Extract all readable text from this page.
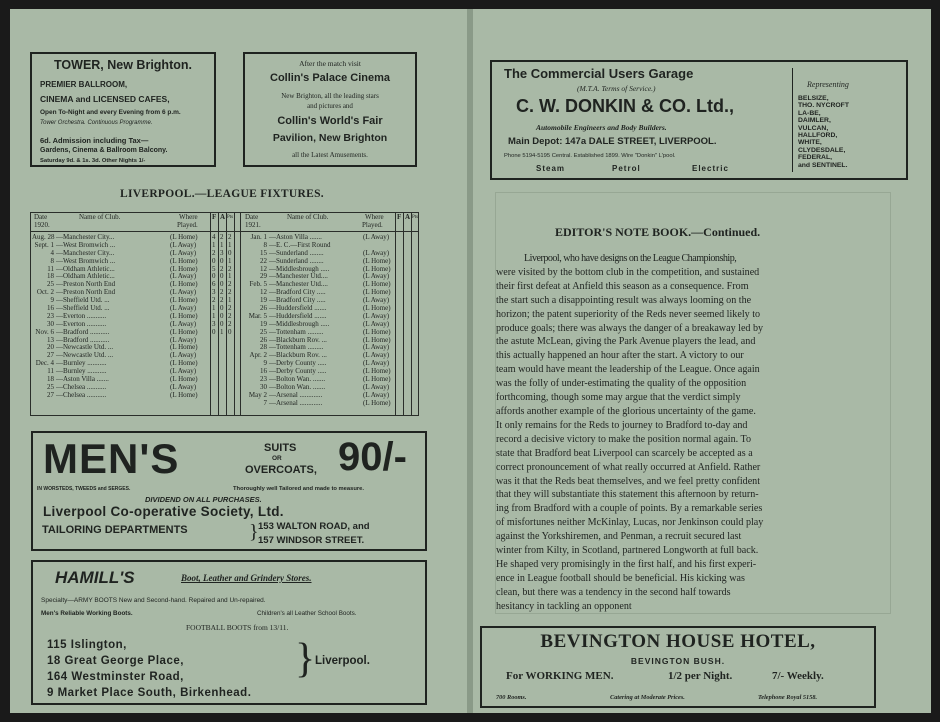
TOWER, New Brighton.
PREMIER BALLROOM,
CINEMA and LICENSED CAFES,
Open To-Night and every Evening from 6 p.m.
Tower Orchestra. Continuous Programme.
6d. Admission including Tax—
Gardens, Cinema & Ballroom Balcony.
Saturday 9d. & 1s. 3d. Other Nights 1/-
After the match visit
Collin's Palace Cinema
New Brighton, all the leading stars
and pictures and
Collin's World's Fair
Pavilion, New Brighton
all the Latest Amusements.
LIVERPOOL.—LEAGUE FIXTURES.
Date	Name of Club.	Where F A Pts
1920.	Played.
Date	Name of Club.	Where F A Pts
1921.	Played.
Aug. 28 —Manchester City...	(L Home) 4 2 2
Sept. 1 —West Bromwich ...	(L Away) 1 1 1
4 —Manchester City...	(L Away) 2 3 0
8 —West Bromwich ...	(L Home) 0 0 1
11 —Oldham Athletic...	(L Home) 5 2 2
18 —Oldham Athletic...	(L Away) 0 0 1
25 —Preston North End	(L Home) 6 0 2
Oct. 2 —Preston North End	(L Away) 3 2 2
9 —Sheffield Utd. ...	(L Home) 2 2 1
16 —Sheffield Utd. ...	(L Away) 1 0 2
23 —Everton ...........	(L Home) 1 0 2
30 —Everton ...........	(L Away) 3 0 2
Nov. 6 —Bradford ...........	(L Home) 0 1 0
13 —Bradford ...........	(L Away)
20 —Newcastle Utd. ...	(L Home)
27 —Newcastle Utd. ...	(L Away)
Dec. 4 —Burnley ...........	(L Home)
11 —Burnley ...........	(L Away)
18 —Aston Villa .......	(L Home)
25 —Chelsea ...........	(L Away)
27 —Chelsea ...........	(L Home)
Jan. 1 —Aston Villa .......	(L Away)
8 —E. C.—First Round
15 —Sunderland ........	(L Away)
22 —Sunderland ........	(L Home)
12 —Middlesbrough .....	(L Home)
29 —Manchester Utd....	(L Away)
Feb. 5 —Manchester Utd....	(L Home)
12 —Bradford City .....	(L Home)
19 —Bradford City .....	(L Away)
26 —Huddersfield .......	(L Home)
Mar. 5 —Huddersfield .......	(L Away)
19 —Middlesbrough .....	(L Away)
25 —Tottenham .........	(L Home)
26 —Blackburn Rov. ...	(L Home)
28 —Tottenham .........	(L Away)
Apr. 2 —Blackburn Rov. ...	(L Away)
9 —Derby County .....	(L Away)
16 —Derby County .....	(L Home)
23 —Bolton Wan. .......	(L Home)
30 —Bolton Wan. .......	(L Away)
May 2 —Arsenal .............	(L Away)
7 —Arsenal .............	(L Home)
MEN'S	SUITS
OR
OVERCOATS, 90/-
IN WORSTEDS, TWEEDS and SERGES.	Thoroughly well Tailored and made to measure.
DIVIDEND ON ALL PURCHASES.
Liverpool Co-operative Society, Ltd.
TAILORING DEPARTMENTS	} 153 WALTON ROAD, and
157 WINDSOR STREET.
HAMILL'S	Boot, Leather and Grindery Stores.
Specialty—ARMY BOOTS New and Second-hand. Repaired and Un-repaired.
Men's Reliable Working Boots.	Children's all Leather School Boots.
FOOTBALL BOOTS from 13/11.
115 Islington,
18 Great George Place,
164 Westminster Road,
9 Market Place South, Birkenhead.
} Liverpool.
The Commercial Users Garage
(M.T.A. Terms of Service.)
C. W. DONKIN & CO. Ltd.,
Automobile Engineers and Body Builders.
Main Depot: 147a DALE STREET, LIVERPOOL.
Phone 5194-5195 Central. Established 1899. Wire "Donkin" L'pool.
Steam	Petrol	Electric
Representing
BELSIZE,
THO. NYCROFT
LA-BE,
DAIMLER,
VULCAN,
HALLFORD,
WHITE,
CLYDESDALE,
FEDERAL,
and SENTINEL.
EDITOR'S NOTE BOOK.—Continued.

Liverpool, who have designs on the League Championship,

were visited by the bottom club in the competition, and sustained

their first defeat at Anfield this season as a consequence. From

the start such a disappointing result was always looming on the

horizon; the patent superiority of the Reds never seemed likely to

produce goals; there was always the danger of a breakaway led by

the astute McLean, giving the Park Avenue players the lead, and

this actually happened an hour after the start. A victory to our

team would have meant the leadership of the League. Once again

was the folly of under-estimating the quality of the opposition

forthcoming, though some may argue that the verdict simply

affords another example of the glorious uncertainty of the game.

It only remains for the Reds to journey to Bradford to-day and

record a decisive victory to make the position normal again. To

state that Bradford beat Liverpool can scarcely be accepted as a

correct pronouncement of what really occurred at Anfield. Rather

was it that the Reds beat themselves, and we feel pretty confident

that they will substantiate this statement this afternoon by return-

ing from Bradford with a couple of points. By a remarkable series

of misfortunes neither McKinlay, Lucas, nor Jenkinson could play

against the Yorkshiremen, and Penman, a recruit secured last

winter from Kilty, in Scotland, partnered Longworth at full back.

He shaped very promisingly in the first half, and his first experi-

ence in League football should be beneficial. His kicking was

clean, but there was a tendency in the second half towards

hesitancy in tackling an opponent

BEVINGTON HOUSE HOTEL,
BEVINGTON BUSH.
For WORKING MEN.	1/2 per Night.	7/- Weekly.
700 Rooms.	Catering at Moderate Prices.	Telephone Royal 5158.
